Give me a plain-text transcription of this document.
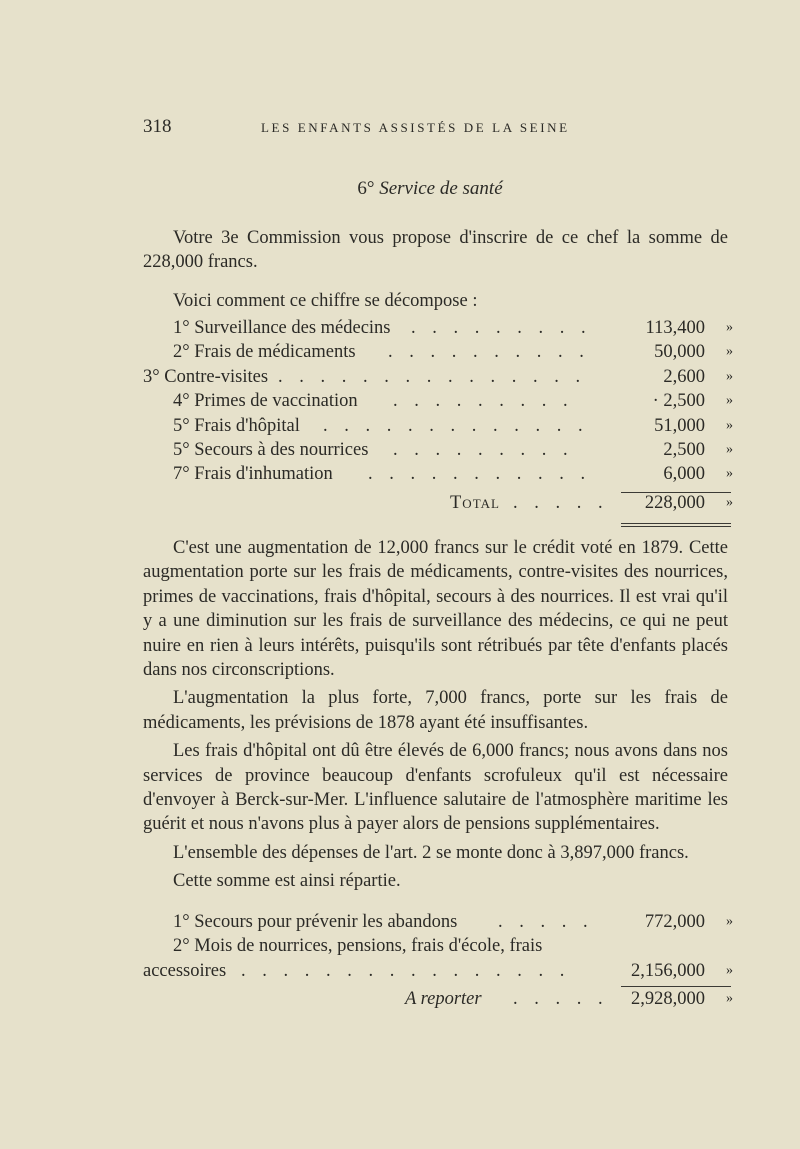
318	LES ENFANTS ASSISTÉS DE LA SEINE
6° Service de santé

Votre 3e Commission vous propose d'inscrire de ce chef la somme de 228,000 francs.

Voici comment ce chiffre se décompose :

1° Surveillance des médecins . . . . . . . . .	113,400 »
2° Frais de médicaments . . . . . . . . . .	50,000 »
3° Contre-visites . . . . . . . . . . . . . . .	2,600 »
4° Primes de vaccination . . . . . . . . .	· 2,500 »
5° Frais d'hôpital . . . . . . . . . . . . .	51,000 »
5° Secours à des nourrices . . . . . . . . .	2,500 »
7° Frais d'inhumation . . . . . . . . . . .	6,000 »
Total . . . . .	228,000 »

C'est une augmentation de 12,000 francs sur le crédit voté en 1879. Cette augmentation porte sur les frais de médicaments, contre-visites des nourrices, primes de vaccinations, frais d'hôpital, secours à des nourrices. Il est vrai qu'il y a une diminution sur les frais de surveillance des médecins, ce qui ne peut nuire en rien à leurs intérêts, puisqu'ils sont rétribués par tête d'enfants placés dans nos circonscriptions.

L'augmentation la plus forte, 7,000 francs, porte sur les frais de médicaments, les prévisions de 1878 ayant été insuffisantes.

Les frais d'hôpital ont dû être élevés de 6,000 francs; nous avons dans nos services de province beaucoup d'enfants scrofuleux qu'il est nécessaire d'envoyer à Berck-sur-Mer. L'influence salutaire de l'atmosphère maritime les guérit et nous n'avons plus à payer alors de pensions supplémentaires.

L'ensemble des dépenses de l'art. 2 se monte donc à 3,897,000 francs.

Cette somme est ainsi répartie.

1° Secours pour prévenir les abandons . . . . .	772,000 »
2° Mois de nourrices, pensions, frais d'école, frais
accessoires . . . . . . . . . . . . . . . .	2,156,000 »
A reporter . . . . .	2,928,000 »
